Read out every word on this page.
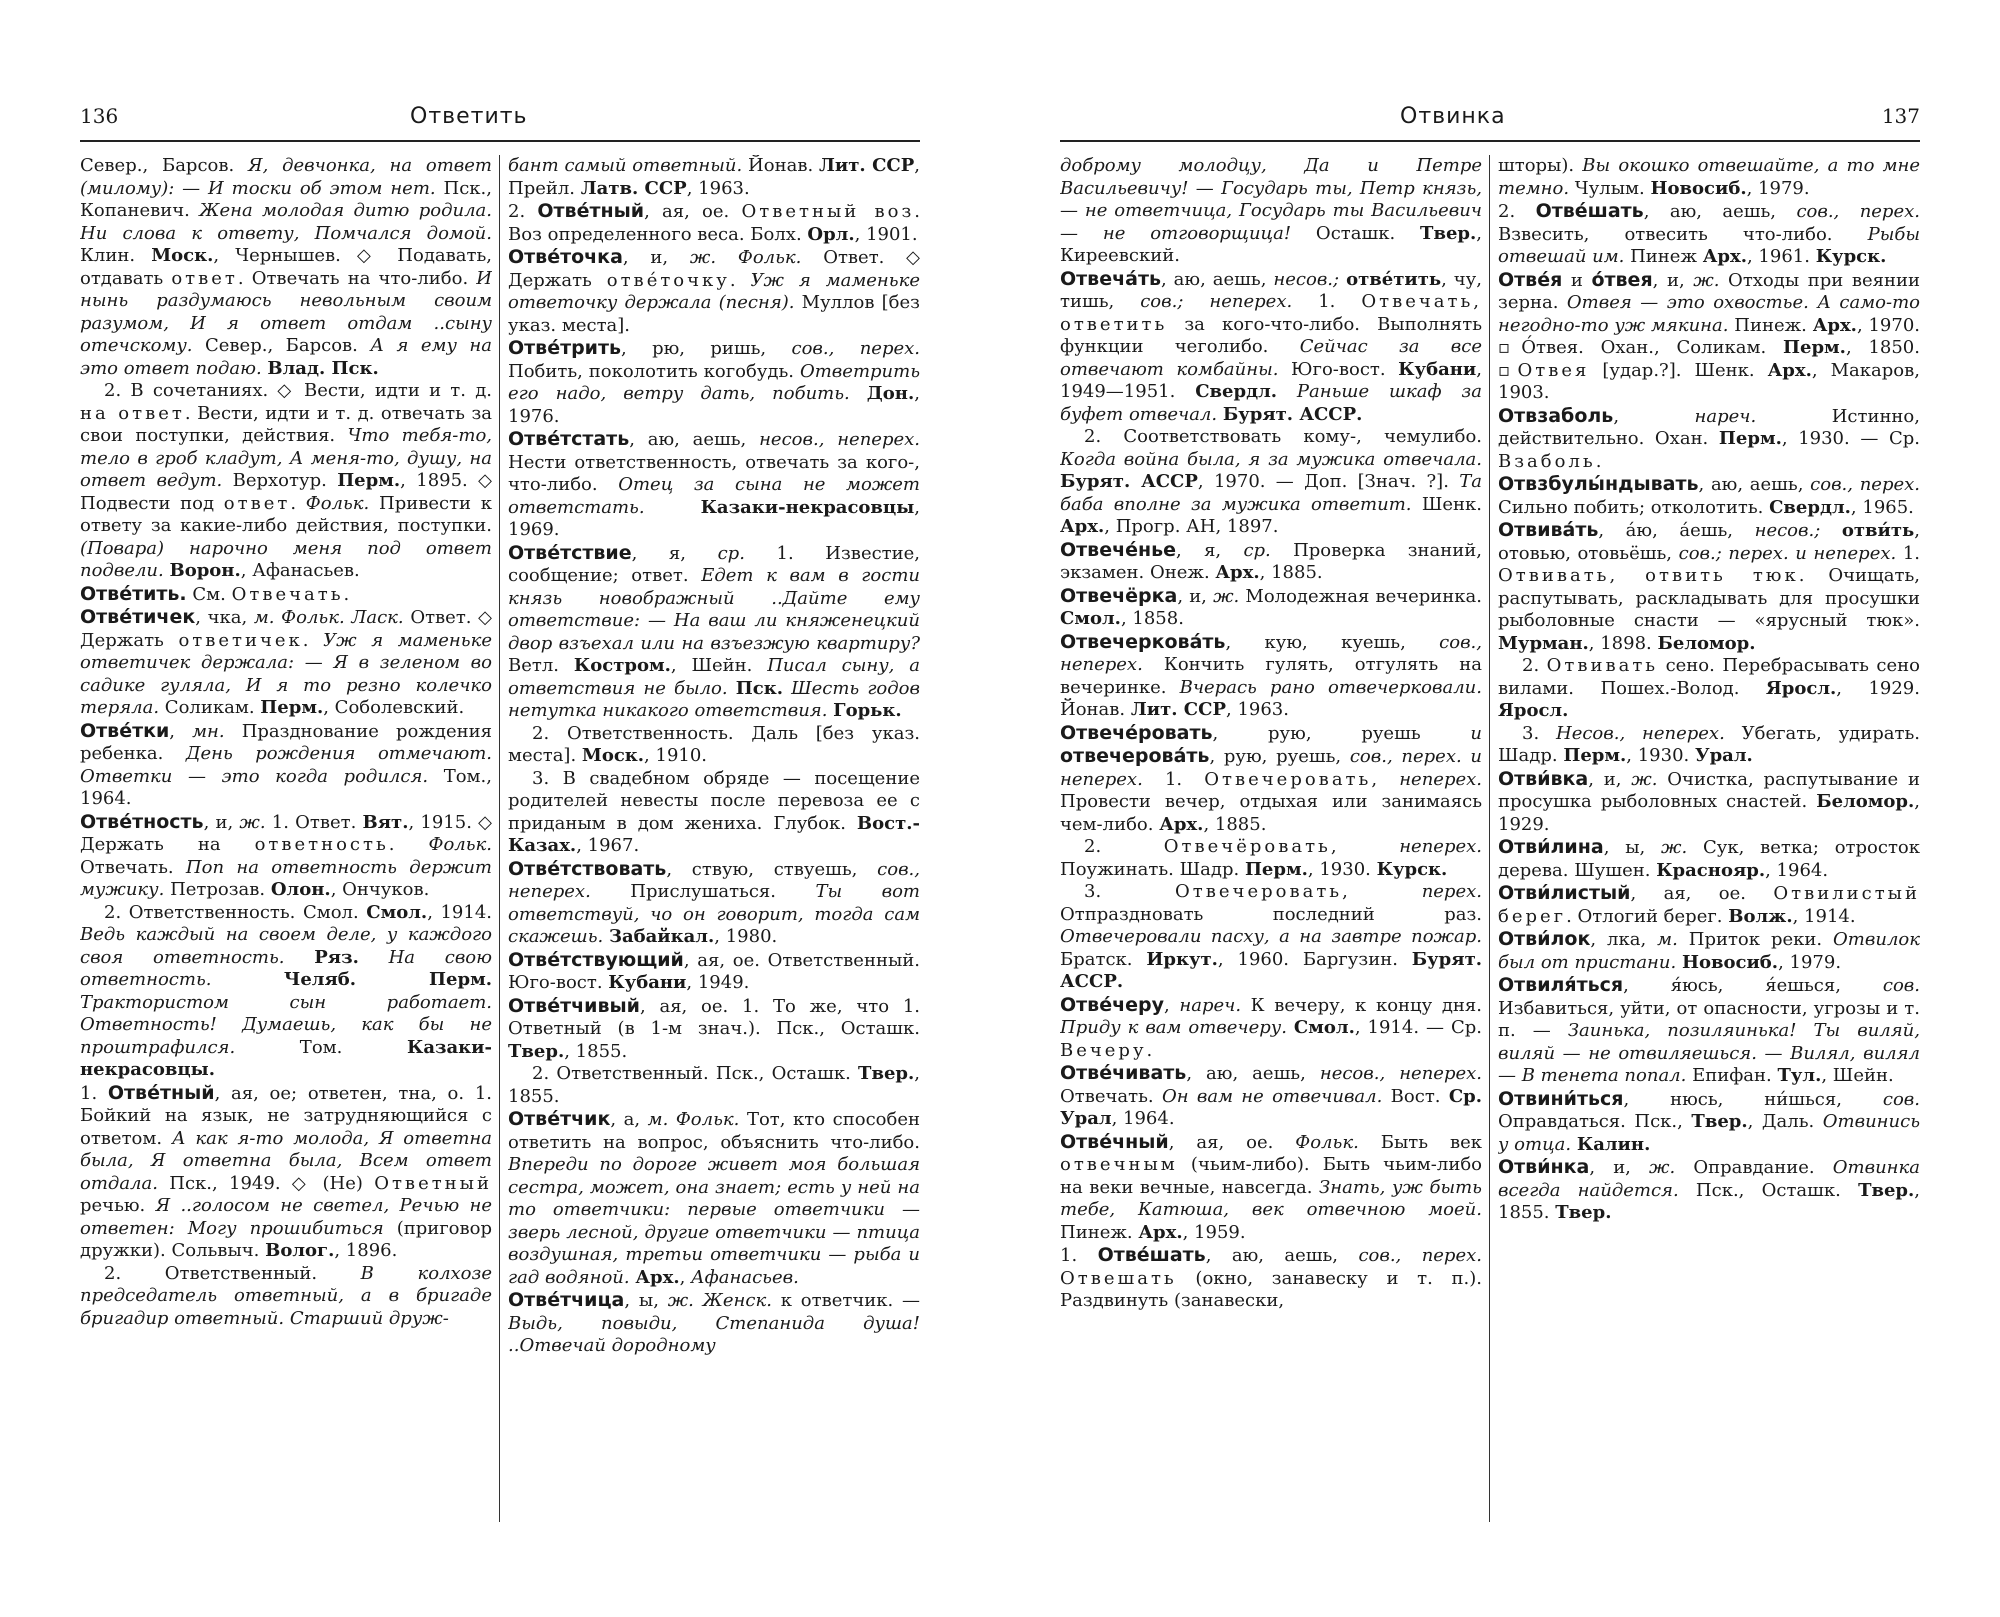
136	Ответить

Север., Барсов. Я, девчонка, на ответ (милому): — И тоски об этом нет. Пск., Копаневич. Жена молодая дитю родила. Ни слова к ответу, Помчался домой. Клин. Моск., Чернышев. ◇ Подавать, отдавать ответ. Отвечать на что-либо. И нынь раздумаюсь невольным своим разумом, И я ответ отдам ..сыну отечскому. Север., Барсов. А я ему на это ответ подаю. Влад. Пск.

2. В сочетаниях. ◇ Вести, идти и т. д. на ответ. Вести, идти и т. д. отвечать за свои поступки, действия. Что тебя-то, тело в гроб кладут, А меня-то, душу, на ответ ведут. Верхотур. Перм., 1895. ◇ Подвести под ответ. Фольк. Привести к ответу за какие-либо действия, поступки. (Повара) нарочно меня под ответ подвели. Ворон., Афанасьев.

Отве́тить. См. Отвечать.

Отве́тичек, чка, м. Фольк. Ласк. Ответ. ◇ Держать ответичек. Уж я маменьке ответичек держала: — Я в зеленом во садике гуляла, И я то резно колечко теряла. Соликам. Перм., Соболевский.

Отве́тки, мн. Празднование рождения ребенка. День рождения отмечают. Ответки — это когда родился. Том., 1964.

Отве́тность, и, ж. 1. Ответ. Вят., 1915. ◇ Держать на ответность. Фольк. Отвечать. Поп на ответность держит мужику. Петрозав. Олон., Ончуков.

2. Ответственность. Смол. Смол., 1914. Ведь каждый на своем деле, у каждого своя ответность. Ряз. На свою ответность.	Челяб. Перм. Трактористом сын работает. Ответность! Думаешь, как бы не проштрафился. Том. Казаки-некрасовцы.

1. Отве́тный, ая, ое; ответен, тна, о. 1. Бойкий на язык, не затрудняющийся с ответом. А как я-то молода, Я ответна была, Я ответна была, Всем ответ отдала. Пск., 1949. ◇ (Не) Ответный речью. Я ..голосом не светел, Речью не ответен: Могу прошибиться (приговор дружки). Сольвыч. Волог., 1896.

2. Ответственный. В колхозе председатель ответный, а в бригаде бригадир ответный. Старший друж-

бант самый ответный. Йонав. Лит. ССР, Прейл. Латв. ССР, 1963.

2. Отве́тный, ая, ое. Ответный воз. Воз определенного веса. Болх. Орл., 1901.

Отве́точка, и, ж. Фольк. Ответ. ◇ Держать отвéточку. Уж я маменьке ответочку держала (песня). Муллов [без указ. места].

Отве́трить, рю, ришь, сов., перех. Побить, поколотить когобудь. Ответрить его надо, ветру дать, побить. Дон., 1976.

Отве́тстать, аю, аешь, несов., неперех. Нести ответственность, отвечать за кого-, что-либо. Отец за сына не может ответстать.	Казаки-некрасовцы, 1969.

Отве́тствие, я, ср. 1. Известие, сообщение; ответ. Едет к вам в гости князь новображный ..Дайте ему ответствие: — На ваш ли княженецкий двор взъехал или на взъезжую квартиру? Ветл. Костром., Шейн. Писал сыну, а ответствия не было. Пск. Шесть годов нетутка никакого ответствия. Горьк.

2. Ответственность. Даль [без указ. места]. Моск., 1910.

3. В свадебном обряде — посещение родителей невесты после перевоза ее с приданым в дом жениха. Глубок. Вост.-Казах., 1967.

Отве́тствовать, ствую, ствуешь, сов., неперех. Прислушаться. Ты вот ответствуй, чо он говорит, тогда сам скажешь. Забайкал., 1980.

Отве́тствующий, ая, ое. Ответственный. Юго-вост. Кубани, 1949.

Отве́тчивый, ая, ое. 1. То же, что 1. Ответный (в 1-м знач.). Пск., Осташк. Твер., 1855.

2. Ответственный. Пск., Осташк. Твер., 1855.

Отве́тчик, а, м. Фольк. Тот, кто способен ответить на вопрос, объяснить что-либо. Впереди по дороге живет моя большая сестра, может, она знает; есть у ней на то ответчики: первые ответчики — зверь лесной, другие ответчики — птица воздушная, третьи ответчики — рыба и гад водяной. Арх., Афанасьев.

Отве́тчица, ы, ж. Женск. к ответчик. — Выдь, повыди, Степанида душа! ..Отвечай дородному

Отвинка	137

доброму молодцу, Да и Петре Васильевичу! — Государь ты, Петр князь, — не ответчица, Государь ты Васильевич — не отговорщица! Осташк. Твер., Киреевский.

Отвеча́ть, аю, аешь, несов.; отве́тить, чу, тишь, сов.; неперех. 1. Отвечать, ответить за кого-что-либо. Выполнять функции чеголибо. Сейчас за все отвечают комбайны. Юго-вост. Кубани, 1949—1951. Свердл. Раньше шкаф за буфет отвечал. Бурят. АССР.

2. Соответствовать кому-, чемулибо. Когда война была, я за мужика отвечала. Бурят. АССР, 1970. — Доп. [Знач. ?]. Та баба вполне за мужика ответит. Шенк. Арх., Прогр. АН, 1897.

Отвече́нье, я, ср. Проверка знаний, экзамен. Онеж. Арх., 1885.

Отвечёрка, и, ж. Молодежная вечеринка. Смол., 1858.

Отвечеркова́ть, кую, куешь, сов., неперех. Кончить гулять, отгулять на вечеринке. Вчерась рано отвечерковали. Йонав. Лит. ССР, 1963.

Отвече́ровать, рую, руешь и отвечерова́ть, рую, руешь, сов., перех. и неперех. 1. Отвечеровать, неперех. Провести вечер, отдыхая или занимаясь чем-либо. Арх., 1885.

2. Отвечёровать, неперех. Поужинать. Шадр. Перм., 1930. Курск.

3. Отвечеровать, перех. Отпраздновать последний раз. Отвечеровали пасху, а на завтре пожар. Братск. Иркут., 1960. Баргузин. Бурят. АССР.

Отве́черу, нареч. К вечеру, к концу дня. Приду к вам отвечеру. Смол., 1914. — Ср. Вечеру.

Отве́чивать, аю, аешь, несов., неперех. Отвечать. Он вам не отвечивал. Вост. Ср. Урал, 1964.

Отве́чный, ая, ое. Фольк. Быть век отвечным (чьим-либо). Быть чьим-либо на веки вечные, навсегда. Знать, уж быть тебе, Катюша, век отвечною моей. Пинеж. Арх., 1959.

1. Отве́шать, аю, аешь, сов., перех. Отвешать (окно, занавеску и т. п.). Раздвинуть (занавески,

шторы). Вы окошко отвешайте, а то мне темно. Чулым. Новосиб., 1979.

2. Отве́шать, аю, аешь, сов., перех. Взвесить, отвесить что-либо. Рыбы отвешай им. Пинеж Арх., 1961. Курск.

Отве́я и о́твея, и, ж. Отходы при веянии зерна. Отвея — это охвостье. А само-то негодно-то уж мякина. Пинеж. Арх., 1970. ▫О́твея. Охан., Соликам. Перм., 1850. ▫Отвея [удар.?]. Шенк. Арх., Макаров, 1903.

Отвзаболь, нареч. Истинно, действительно. Охан. Перм., 1930. — Ср. Взаболь.

Отвзбулы́ндывать, аю, аешь, сов., перех. Сильно побить; отколотить. Свердл., 1965.

Отвива́ть, а́ю, а́ешь, несов.; отви́ть, отовью, отовьёшь, сов.; перех. и неперех. 1. Отвивать, отвить тюк. Очищать, распутывать, раскладывать для просушки рыболовные снасти — «ярусный тюк». Мурман., 1898. Беломор.

2. Отвивать сено. Перебрасывать сено вилами. Пошех.-Волод. Яросл., 1929. Яросл.

3. Несов., неперех. Убегать, удирать. Шадр. Перм., 1930. Урал.

Отви́вка, и, ж. Очистка, распутывание и просушка рыболовных снастей. Беломор., 1929.

Отви́лина, ы, ж. Сук, ветка; отросток дерева. Шушен. Краснояр., 1964.

Отви́листый, ая, ое. Отвилистый берег. Отлогий берег. Волж., 1914.

Отви́лок, лка, м. Приток реки. Отвилок был от пристани. Новосиб., 1979.

Отвиля́ться, я́юсь, я́ешься, сов. Избавиться, уйти, от опасности, угрозы и т. п. — Заинька, позиляинька! Ты виляй, виляй — не отвиляешься. — Вилял, вилял — В тенета попал. Епифан. Тул., Шейн.

Отвини́ться, нюсь, ни́шься, сов. Оправдаться. Пск., Твер., Даль. Отвинись у отца. Калин.

Отви́нка, и, ж. Оправдание. Отвинка всегда найдется. Пск., Осташк. Твер., 1855. Твер.
